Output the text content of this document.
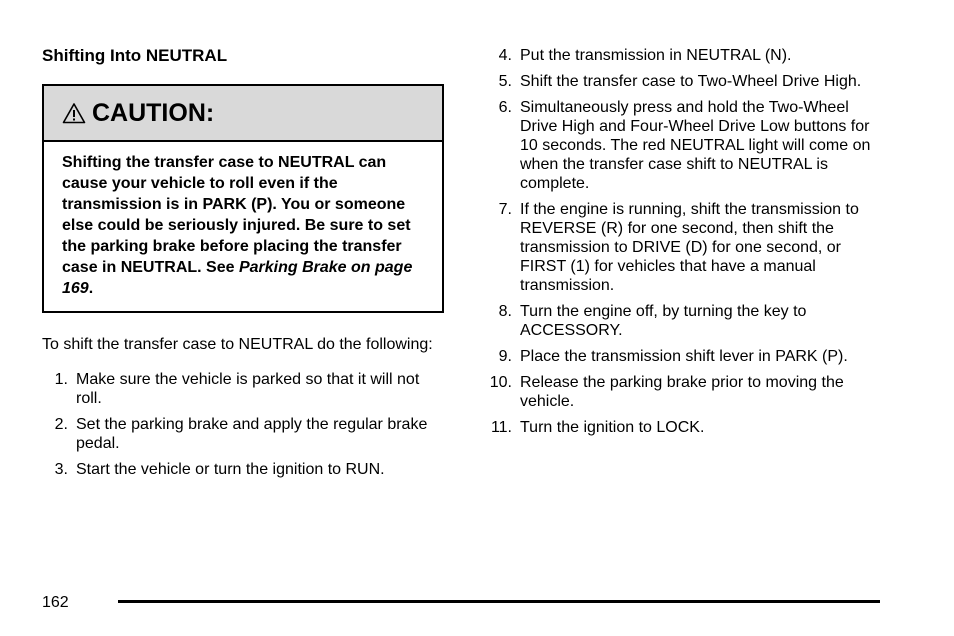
Shifting Into NEUTRAL
CAUTION:
Shifting the transfer case to NEUTRAL can cause your vehicle to roll even if the transmission is in PARK (P). You or someone else could be seriously injured. Be sure to set the parking brake before placing the transfer case in NEUTRAL. See Parking Brake on page 169.

To shift the transfer case to NEUTRAL do the following:

1. Make sure the vehicle is parked so that it will not roll.
2. Set the parking brake and apply the regular brake pedal.
3. Start the vehicle or turn the ignition to RUN.
4. Put the transmission in NEUTRAL (N).
5. Shift the transfer case to Two-Wheel Drive High.
6. Simultaneously press and hold the Two-Wheel Drive High and Four-Wheel Drive Low buttons for 10 seconds. The red NEUTRAL light will come on when the transfer case shift to NEUTRAL is complete.
7. If the engine is running, shift the transmission to REVERSE (R) for one second, then shift the transmission to DRIVE (D) for one second, or FIRST (1) for vehicles that have a manual transmission.
8. Turn the engine off, by turning the key to ACCESSORY.
9. Place the transmission shift lever in PARK (P).
10. Release the parking brake prior to moving the vehicle.
11. Turn the ignition to LOCK.
162
